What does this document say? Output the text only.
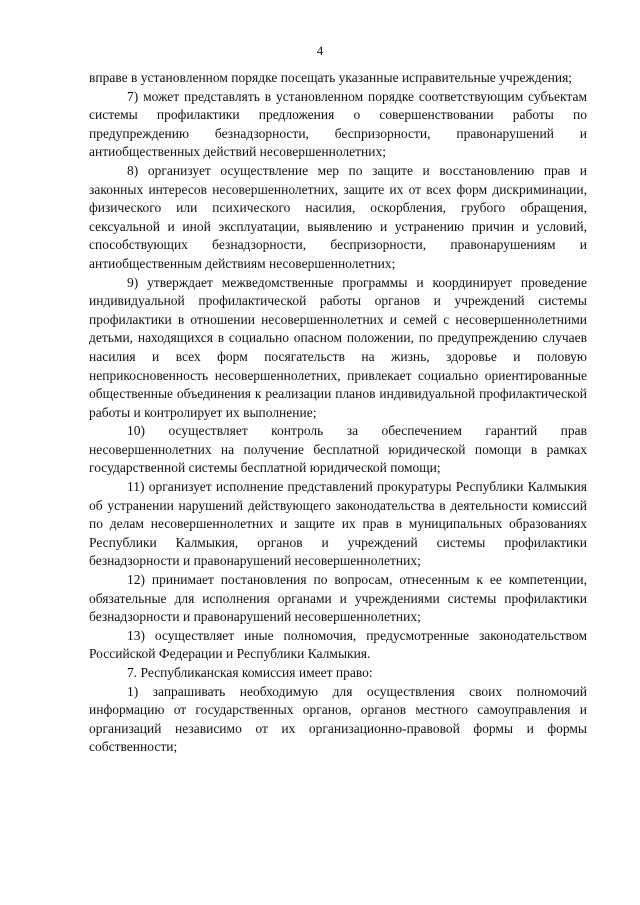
4

вправе в установленном порядке посещать указанные исправительные учреждения;

7) может представлять в установленном порядке соответствующим субъектам системы профилактики предложения о совершенствовании работы по предупреждению безнадзорности, беспризорности, правонарушений и антиобщественных действий несовершеннолетних;

8) организует осуществление мер по защите и восстановлению прав и законных интересов несовершеннолетних, защите их от всех форм дискриминации, физического или психического насилия, оскорбления, грубого обращения, сексуальной и иной эксплуатации, выявлению и устранению причин и условий, способствующих безнадзорности, беспризорности, правонарушениям и антиобщественным действиям несовершеннолетних;

9) утверждает межведомственные программы и координирует проведение индивидуальной профилактической работы органов и учреждений системы профилактики в отношении несовершеннолетних и семей с несовершеннолетними детьми, находящихся в социально опасном положении, по предупреждению случаев насилия и всех форм посягательств на жизнь, здоровье и половую неприкосновенность несовершеннолетних, привлекает социально ориентированные общественные объединения к реализации планов индивидуальной профилактической работы и контролирует их выполнение;

10) осуществляет контроль за обеспечением гарантий прав несовершеннолетних на получение бесплатной юридической помощи в рамках государственной системы бесплатной юридической помощи;

11) организует исполнение представлений прокуратуры Республики Калмыкия об устранении нарушений действующего законодательства в деятельности комиссий по делам несовершеннолетних и защите их прав в муниципальных образованиях Республики Калмыкия, органов и учреждений системы профилактики безнадзорности и правонарушений несовершеннолетних;

12) принимает постановления по вопросам, отнесенным к ее компетенции, обязательные для исполнения органами и учреждениями системы профилактики безнадзорности и правонарушений несовершеннолетних;

13) осуществляет иные полномочия, предусмотренные законодательством Российской Федерации и Республики Калмыкия.

7. Республиканская комиссия имеет право:

1) запрашивать необходимую для осуществления своих полномочий информацию от государственных органов, органов местного самоуправления и организаций независимо от их организационно-правовой формы и формы собственности;
